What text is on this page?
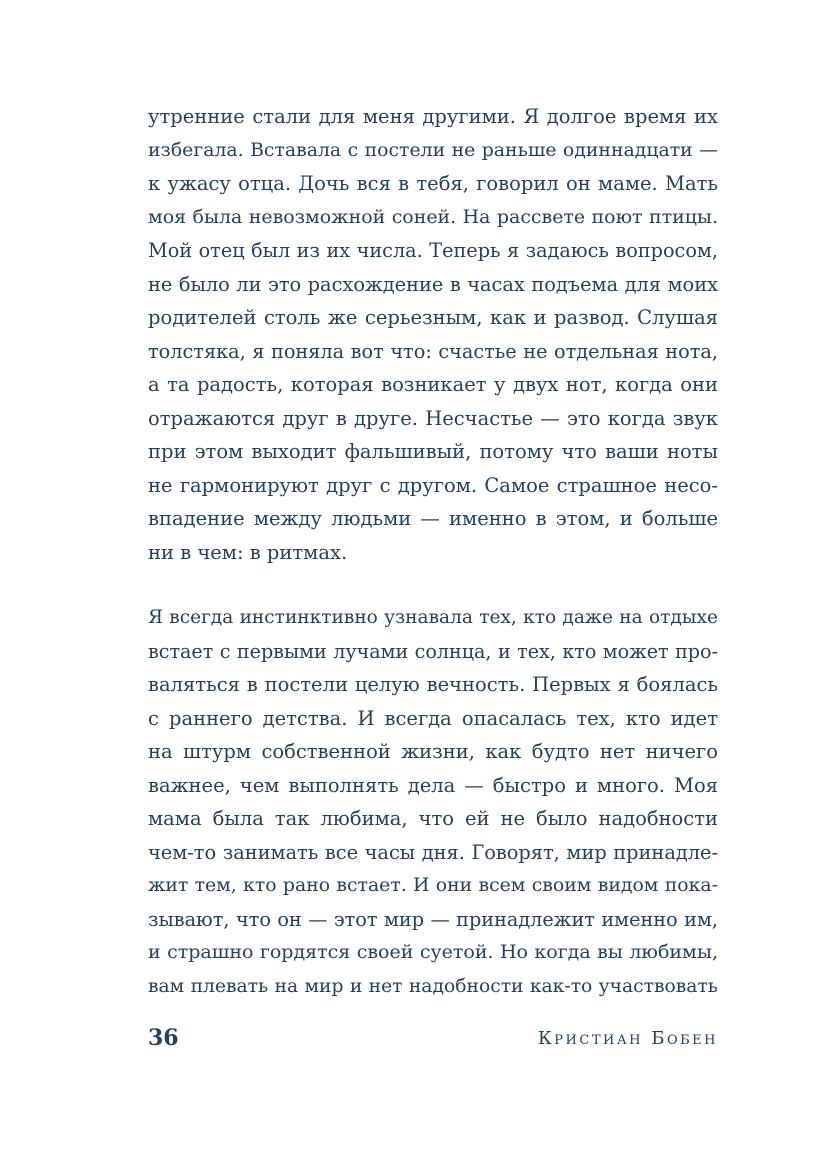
утренние стали для меня другими. Я долгое время их
избегала. Вставала с постели не раньше одиннадцати —
к ужасу отца. Дочь вся в тебя, говорил он маме. Мать
моя была невозможной соней. На рассвете поют птицы.
Мой отец был из их числа. Теперь я задаюсь вопросом,
не было ли это расхождение в часах подъема для моих
родителей столь же серьезным, как и развод. Слушая
толстяка, я поняла вот что: счастье не отдельная нота,
а та радость, которая возникает у двух нот, когда они
отражаются друг в друге. Несчастье — это когда звук
при этом выходит фальшивый, потому что ваши ноты
не гармонируют друг с другом. Самое страшное несо-
впадение между людьми — именно в этом, и больше
ни в чем: в ритмах.
Я всегда инстинктивно узнавала тех, кто даже на отдыхе
встает с первыми лучами солнца, и тех, кто может про-
валяться в постели целую вечность. Первых я боялась
с раннего детства. И всегда опасалась тех, кто идет
на штурм собственной жизни, как будто нет ничего
важнее, чем выполнять дела — быстро и много. Моя
мама была так любима, что ей не было надобности
чем-то занимать все часы дня. Говорят, мир принадле-
жит тем, кто рано встает. И они всем своим видом пока-
зывают, что он — этот мир — принадлежит именно им,
и страшно гордятся своей суетой. Но когда вы любимы,
вам плевать на мир и нет надобности как-то участвовать
36	Кристиан Бобен
